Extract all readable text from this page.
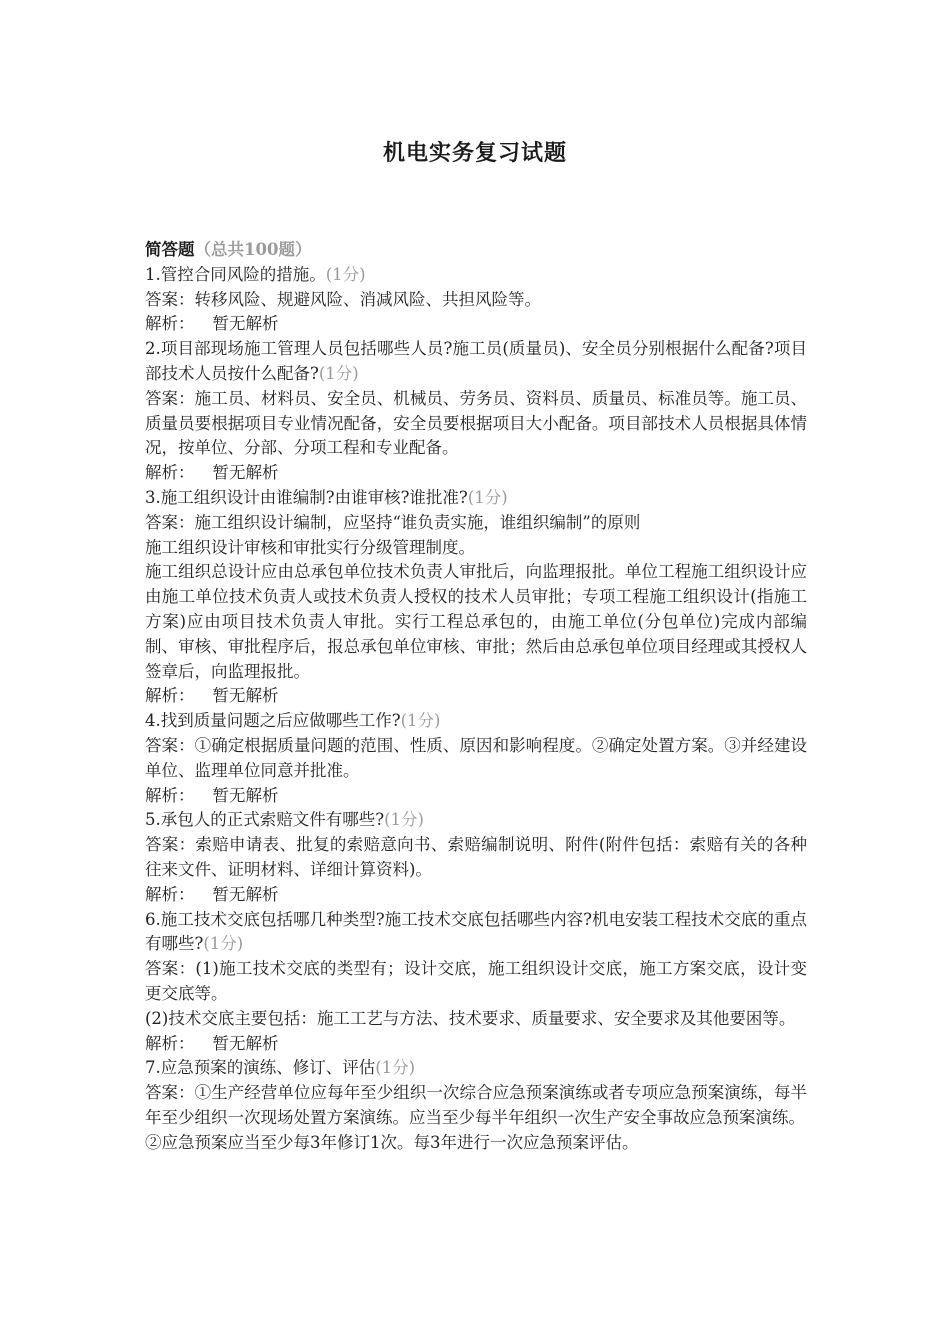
机电实务复习试题
简答题（总共100题）
1.管控合同风险的措施。(1分)
答案：转移风险、规避风险、消减风险、共担风险等。
解析： 暂无解析
2.项目部现场施工管理人员包括哪些人员?施工员(质量员)、安全员分别根据什么配备?项目部技术人员按什么配备?(1分)
答案：施工员、材料员、安全员、机械员、劳务员、资料员、质量员、标准员等。施工员、质量员要根据项目专业情况配备，安全员要根据项目大小配备。项目部技术人员根据具体情况，按单位、分部、分项工程和专业配备。
解析： 暂无解析
3.施工组织设计由谁编制?由谁审核?谁批准?(1分)
答案：施工组织设计编制，应坚持“谁负责实施，谁组织编制”的原则
施工组织设计审核和审批实行分级管理制度。
施工组织总设计应由总承包单位技术负责人审批后，向监理报批。单位工程施工组织设计应由施工单位技术负责人或技术负责人授权的技术人员审批；专项工程施工组织设计(指施工方案)应由项目技术负责人审批。实行工程总承包的，由施工单位(分包单位)完成内部编制、审核、审批程序后，报总承包单位审核、审批；然后由总承包单位项目经理或其授权人签章后，向监理报批。
解析： 暂无解析
4.找到质量问题之后应做哪些工作?(1分)
答案：①确定根据质量问题的范围、性质、原因和影响程度。②确定处置方案。③并经建设单位、监理单位同意并批准。
解析： 暂无解析
5.承包人的正式索赔文件有哪些?(1分)
答案：索赔申请表、批复的索赔意向书、索赔编制说明、附件(附件包括：索赔有关的各种往来文件、证明材料、详细计算资料)。
解析： 暂无解析
6.施工技术交底包括哪几种类型?施工技术交底包括哪些内容?机电安装工程技术交底的重点有哪些?(1分)
答案：(1)施工技术交底的类型有；设计交底，施工组织设计交底，施工方案交底，设计变更交底等。
(2)技术交底主要包括：施工工艺与方法、技术要求、质量要求、安全要求及其他要困等。
解析： 暂无解析
7.应急预案的演练、修订、评估(1分)
答案：①生产经营单位应每年至少组织一次综合应急预案演练或者专项应急预案演练，每半年至少组织一次现场处置方案演练。应当至少每半年组织一次生产安全事故应急预案演练。
②应急预案应当至少每3年修订1次。每3年进行一次应急预案评估。
